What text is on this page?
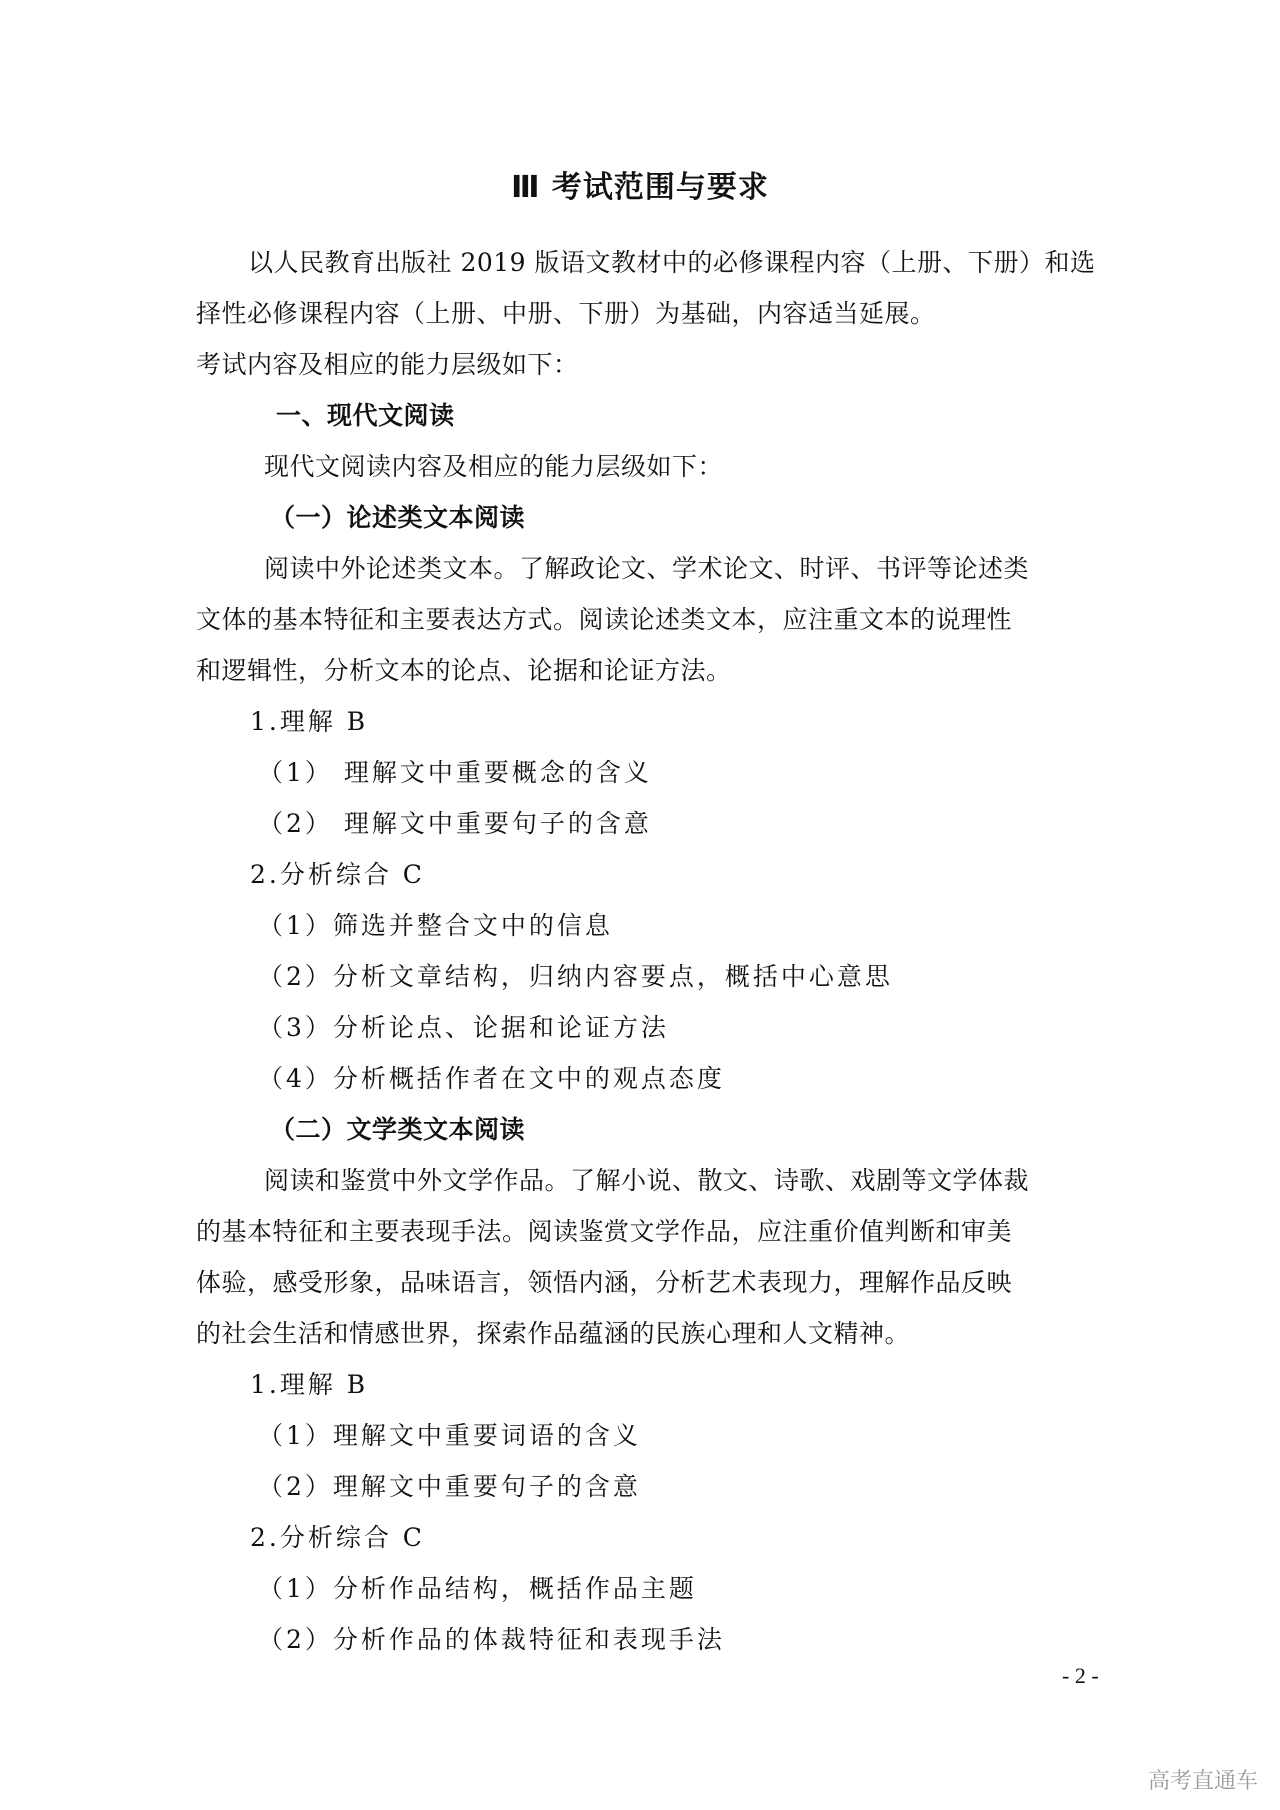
Ⅲ 考试范围与要求
以人民教育出版社 2019 版语文教材中的必修课程内容（上册、下册）和选
择性必修课程内容（上册、中册、下册）为基础，内容适当延展。
考试内容及相应的能力层级如下：
一、现代文阅读
现代文阅读内容及相应的能力层级如下：
（一）论述类文本阅读
阅读中外论述类文本。了解政论文、学术论文、时评、书评等论述类
文体的基本特征和主要表达方式。阅读论述类文本，应注重文本的说理性
和逻辑性，分析文本的论点、论据和论证方法。
1.理解 B
（1） 理解文中重要概念的含义
（2） 理解文中重要句子的含意
2.分析综合 C
（1）筛选并整合文中的信息
（2）分析文章结构，归纳内容要点，概括中心意思
（3）分析论点、论据和论证方法
（4）分析概括作者在文中的观点态度
（二）文学类文本阅读
阅读和鉴赏中外文学作品。了解小说、散文、诗歌、戏剧等文学体裁
的基本特征和主要表现手法。阅读鉴赏文学作品，应注重价值判断和审美
体验，感受形象，品味语言，领悟内涵，分析艺术表现力，理解作品反映
的社会生活和情感世界，探索作品蕴涵的民族心理和人文精神。
1.理解 B
（1）理解文中重要词语的含义
（2）理解文中重要句子的含意
2.分析综合 C
（1）分析作品结构，概括作品主题
（2）分析作品的体裁特征和表现手法
- 2 -
高考直通车
